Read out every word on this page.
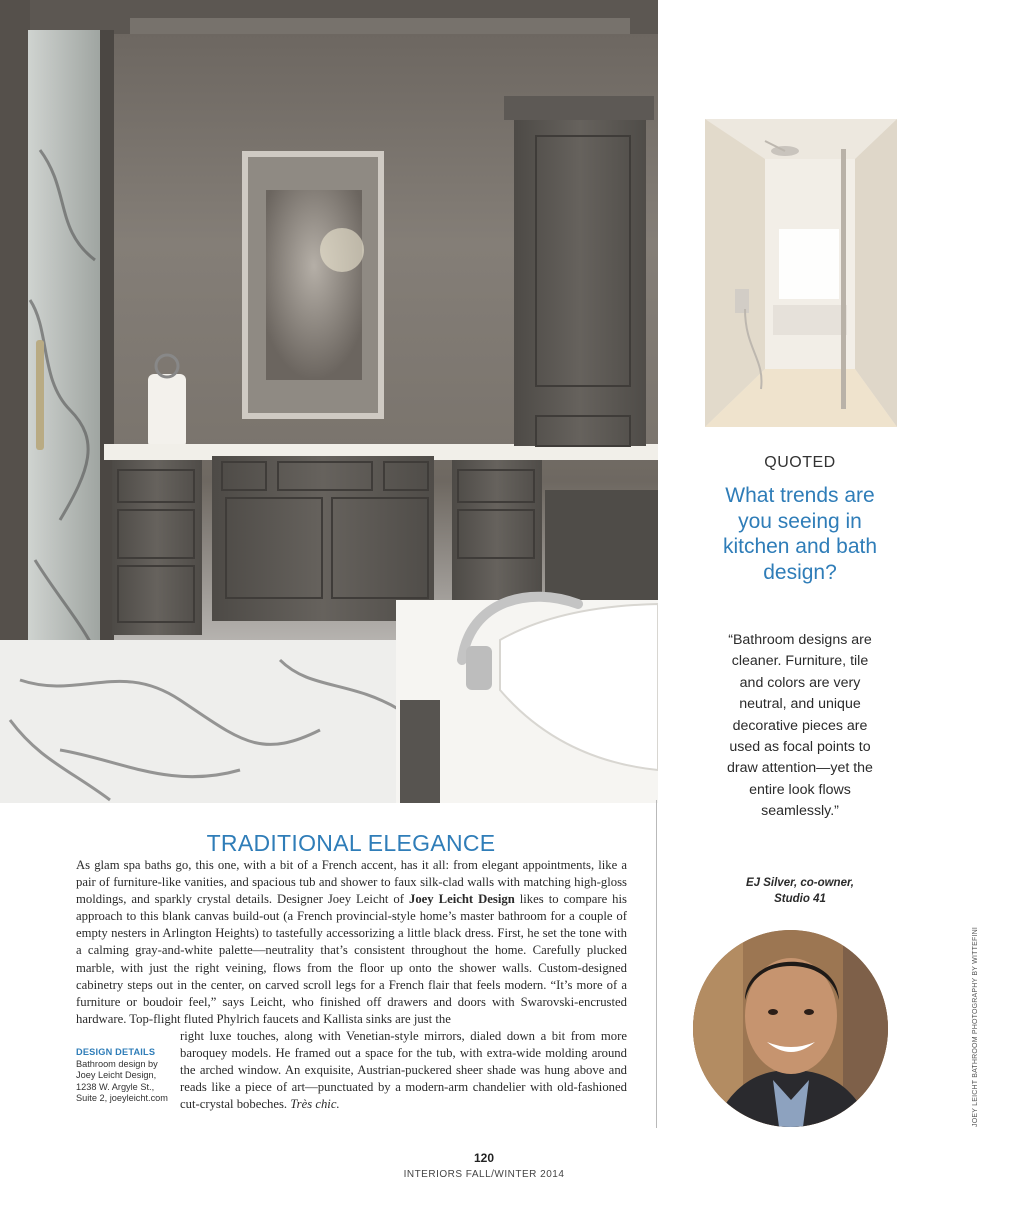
TRADITIONAL ELEGANCE

As glam spa baths go, this one, with a bit of a French accent, has it all: from elegant appointments, like a pair of furniture-like vanities, and spacious tub and shower to faux silk-clad walls with matching high-gloss moldings, and sparkly crystal details. Designer Joey Leicht of Joey Leicht Design likes to compare his approach to this blank canvas build-out (a French provincial-style home’s master bathroom for a couple of empty nesters in Arlington Heights) to tastefully accessorizing a little black dress. First, he set the tone with a calming gray-and-white palette—neutrality that’s consistent throughout the home. Carefully plucked marble, with just the right veining, flows from the floor up onto the shower walls. Custom-designed cabinetry steps out in the center, on carved scroll legs for a French flair that feels modern. “It’s more of a furniture or boudoir feel,” says Leicht, who finished off drawers and doors with Swarovski-encrusted hardware. Top-flight fluted Phylrich faucets and Kallista sinks are just the

right luxe touches, along with Venetian-style mirrors, dialed down a bit from more baroquey models. He framed out a space for the tub, with extra-wide molding around the arched window. An exquisite, Austrian-puckered sheer shade was hung above and reads like a piece of art—punctuated by a modern-arm chandelier with old-fashioned cut-crystal bobeches. Très chic.

DESIGN DETAILS
Bathroom design by
Joey Leicht Design,
1238 W. Argyle St.,
Suite 2, joeyleicht.com
QUOTED
What trends are you seeing in kitchen and bath design?
“Bathroom designs are cleaner. Furniture, tile and colors are very neutral, and unique decorative pieces are used as focal points to draw attention—yet the entire look flows seamlessly.”
EJ Silver, co-owner,
Studio 41
JOEY LEICHT BATHROOM PHOTOGRAPHY BY WITTEFINI
120
INTERIORS FALL/WINTER 2014
